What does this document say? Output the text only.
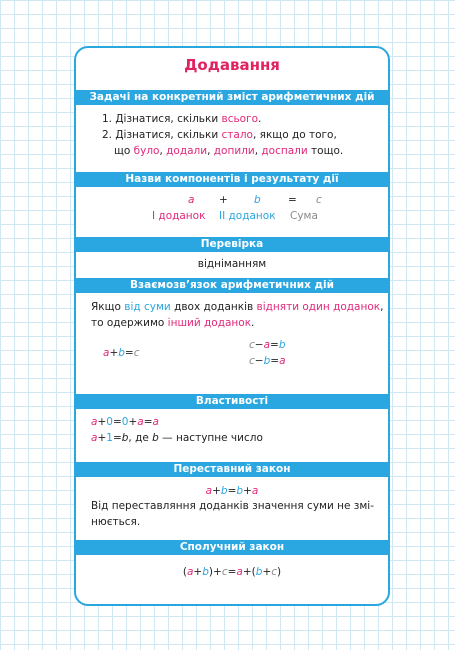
Додавання
Задачі на конкретний зміст арифметичних дій
1. Дізнатися, скільки всього.
2. Дізнатися, скільки стало, якщо до того,
що було, додали, допили, доспали тощо.
Назви компонентів і результату дії
a + b	= c
І доданок ІІ доданок Сума
Перевірка
відніманням
Взаємозв’язок арифметичних дій
Якщо від суми двох доданків відняти один доданок,
то одержимо інший доданок.
a+b=c
c−a=b
c−b=a
Властивості
a+0=0+a=a
a+1=b, де b — наступне число
Переставний закон
a+b=b+a
Від переставляння доданків значення суми не змі-
нюється.
Сполучний закон
(a+b)+c=a+(b+c)
